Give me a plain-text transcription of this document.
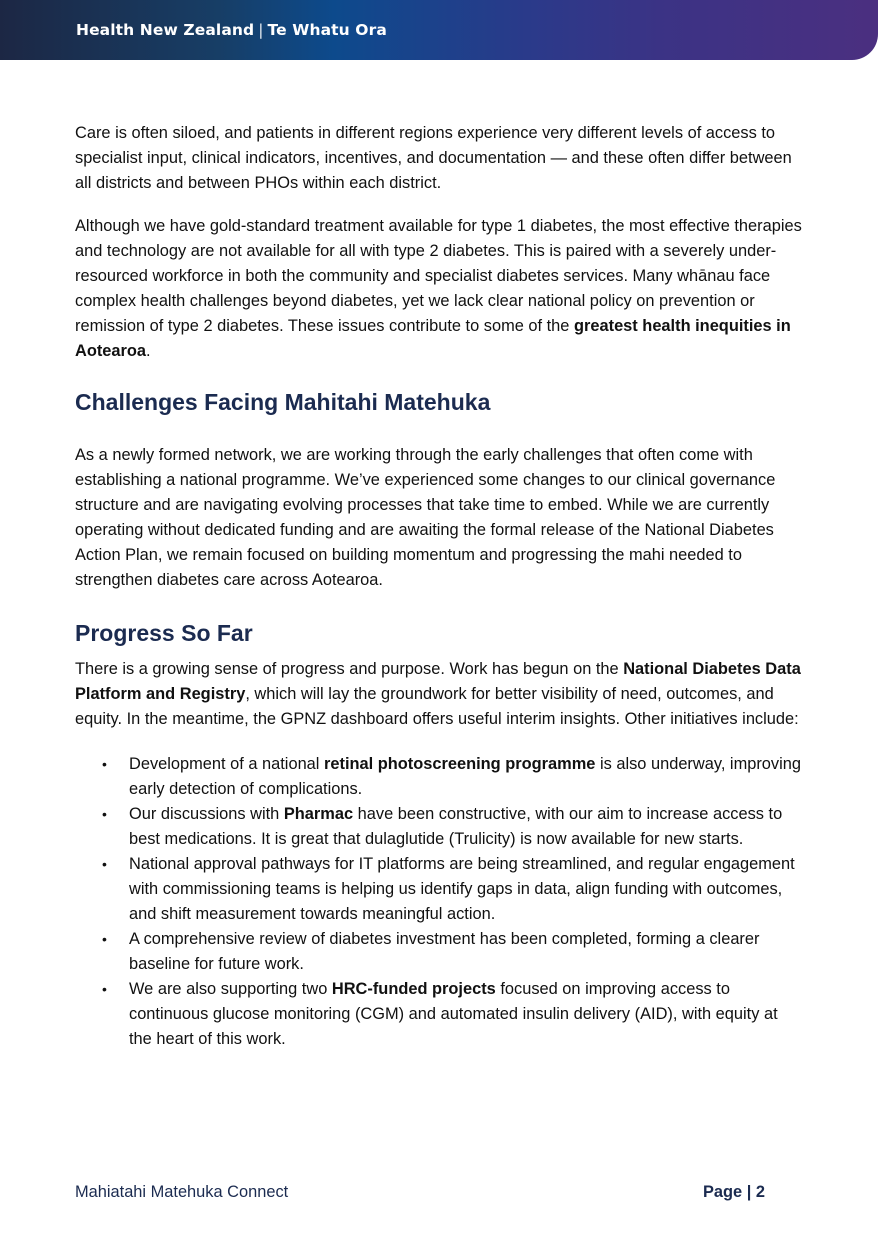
Health New Zealand | Te Whatu Ora

Care is often siloed, and patients in different regions experience very different levels of access to specialist input, clinical indicators, incentives, and documentation — and these often differ between all districts and between PHOs within each district.

Although we have gold-standard treatment available for type 1 diabetes, the most effective therapies and technology are not available for all with type 2 diabetes. This is paired with a severely under-resourced workforce in both the community and specialist diabetes services. Many whānau face complex health challenges beyond diabetes, yet we lack clear national policy on prevention or remission of type 2 diabetes. These issues contribute to some of the greatest health inequities in Aotearoa.

Challenges Facing Mahitahi Matehuka

As a newly formed network, we are working through the early challenges that often come with establishing a national programme. We’ve experienced some changes to our clinical governance structure and are navigating evolving processes that take time to embed. While we are currently operating without dedicated funding and are awaiting the formal release of the National Diabetes Action Plan, we remain focused on building momentum and progressing the mahi needed to strengthen diabetes care across Aotearoa.

Progress So Far

There is a growing sense of progress and purpose. Work has begun on the National Diabetes Data Platform and Registry, which will lay the groundwork for better visibility of need, outcomes, and equity. In the meantime, the GPNZ dashboard offers useful interim insights. Other initiatives include:

• Development of a national retinal photoscreening programme is also underway, improving early detection of complications.
• Our discussions with Pharmac have been constructive, with our aim to increase access to best medications. It is great that dulaglutide (Trulicity) is now available for new starts.
• National approval pathways for IT platforms are being streamlined, and regular engagement with commissioning teams is helping us identify gaps in data, align funding with outcomes, and shift measurement towards meaningful action.
• A comprehensive review of diabetes investment has been completed, forming a clearer baseline for future work.
• We are also supporting two HRC-funded projects focused on improving access to continuous glucose monitoring (CGM) and automated insulin delivery (AID), with equity at the heart of this work.
Mahiatahi Matehuka Connect	Page | 2
